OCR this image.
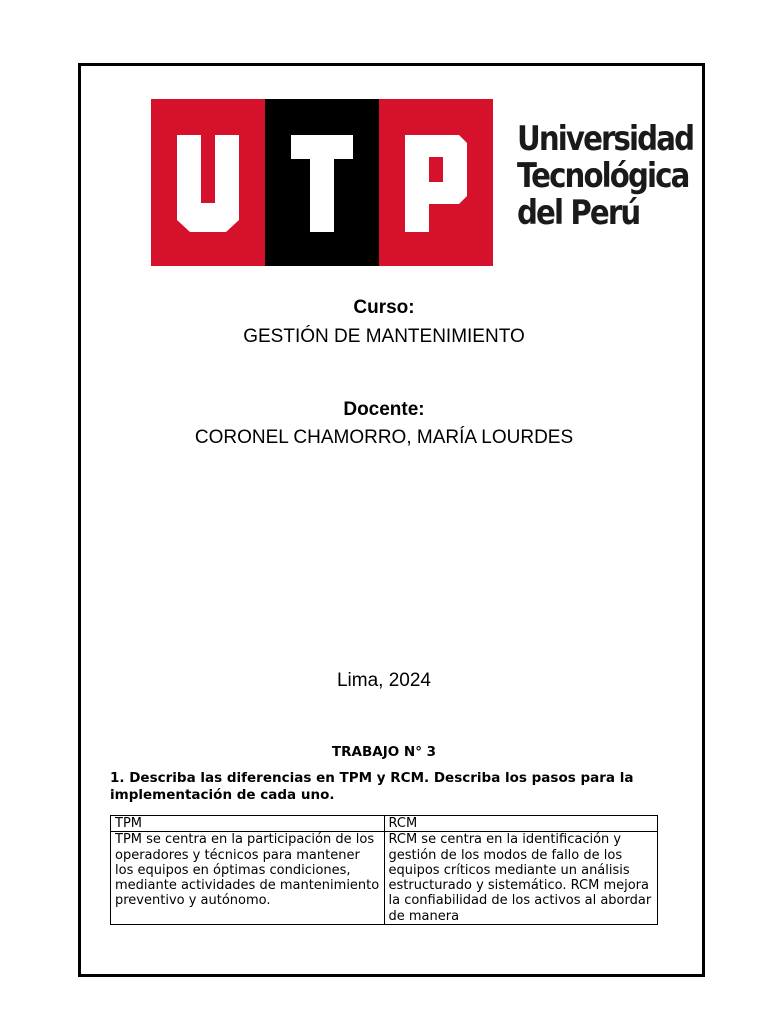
Universidad
Tecnológica
del Perú
Curso:
GESTIÓN DE MANTENIMIENTO
Docente:
CORONEL CHAMORRO, MARÍA LOURDES
Lima, 2024
TRABAJO N° 3
1. Describa las diferencias en TPM y RCM. Describa los pasos para la implementación de cada uno.
TPM	RCM

TPM se centra en la participación de los operadores y técnicos para mantener los equipos en óptimas condiciones, mediante actividades de mantenimiento preventivo y autónomo.	RCM se centra en la identificación y gestión de los modos de fallo de los equipos críticos mediante un análisis estructurado y sistemático. RCM mejora la confiabilidad de los activos al abordar de manera
